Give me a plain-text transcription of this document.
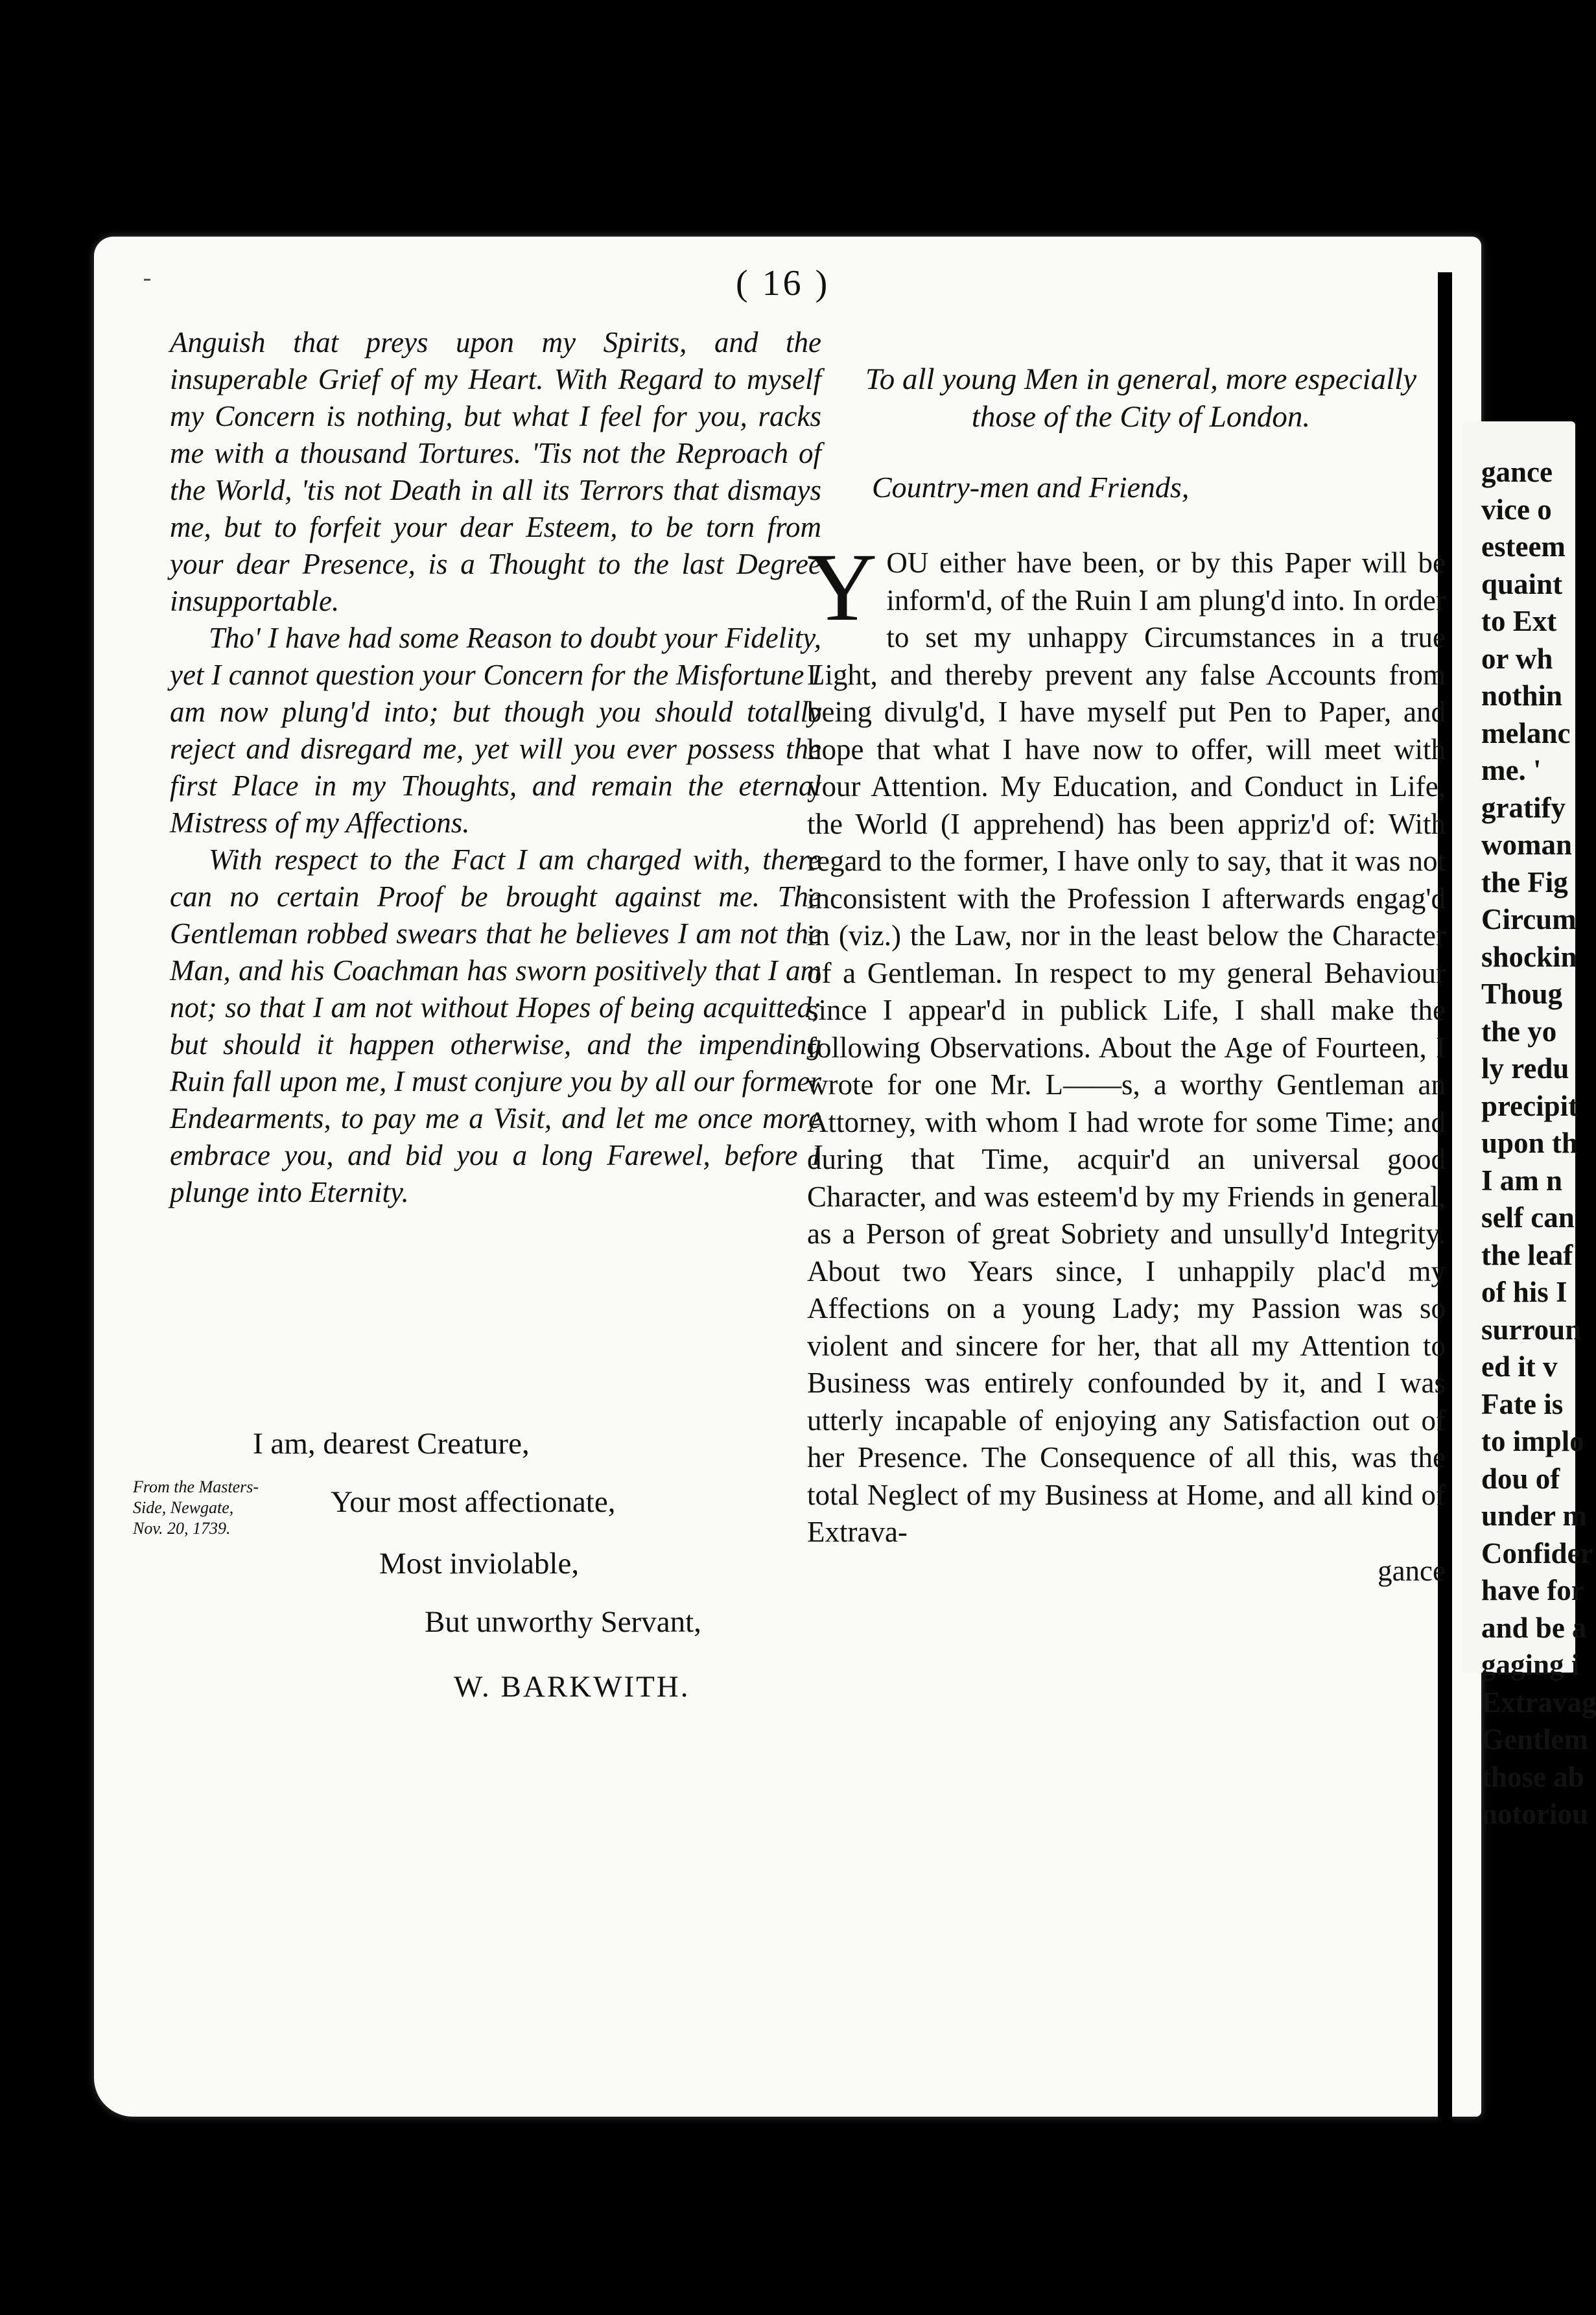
( 16 )

Anguish that preys upon my Spirits, and the insuperable Grief of my Heart. With Regard to myself my Concern is nothing, but what I feel for you, racks me with a thousand Tortures. 'Tis not the Reproach of the World, 'tis not Death in all its Terrors that dismays me, but to forfeit your dear Esteem, to be torn from your dear Presence, is a Thought to the last Degree insupportable.

Tho' I have had some Reason to doubt your Fidelity, yet I cannot question your Concern for the Misfortune I am now plung'd into; but though you should totally reject and disregard me, yet will you ever possess the first Place in my Thoughts, and remain the eternal Mistress of my Affections.

With respect to the Fact I am charged with, there can no certain Proof be brought against me. The Gentleman robbed swears that he believes I am not the Man, and his Coachman has sworn positively that I am not; so that I am not without Hopes of being acquitted; but should it happen otherwise, and the impending Ruin fall upon me, I must conjure you by all our former Endearments, to pay me a Visit, and let me once more embrace you, and bid you a long Farewel, before I plunge into Eternity.

I am, dearest Creature,
From the Masters-
Side, Newgate,
Nov. 20, 1739.
Your most affectionate,
Most inviolable,
But unworthy Servant,
W. BARKWITH.
To all young Men in general, more especially those of the City of London.
Country-men and Friends,
Y OU either have been, or by this Paper will be inform'd, of the Ruin I am plung'd into. In order to set my unhappy Circumstances in a true Light, and thereby prevent any false Accounts from being divulg'd, I have myself put Pen to Paper, and hope that what I have now to offer, will meet with your Attention. My Education, and Conduct in Life, the World (I apprehend) has been appriz'd of: With regard to the former, I have only to say, that it was not inconsistent with the Profession I afterwards engag'd in (viz.) the Law, nor in the least below the Character of a Gentleman. In respect to my general Behaviour since I appear'd in publick Life, I shall make the following Observations. About the Age of Fourteen, I wrote for one Mr. L——s, a worthy Gentleman an Attorney, with whom I had wrote for some Time; and during that Time, acquir'd an universal good Character, and was esteem'd by my Friends in general, as a Person of great Sobriety and unsully'd Integrity. About two Years since, I unhappily plac'd my Affections on a young Lady; my Passion was so violent and sincere for her, that all my Attention to Business was entirely confounded by it, and I was utterly incapable of enjoying any Satisfaction out of her Presence. The Consequence of all this, was the total Neglect of my Business at Home, and all kind of Extrava-
gance
gance
vice o
esteem
quaint
to Ext
or wh
nothin
melanc
me. '
gratify
woman
the Fig
Circum
shockin
Thoug
the yo
ly redu
precipit
upon th
I am n
self can
the leaf
of his I
surroun
ed it v
Fate is
to implo
dou of
under m
Confider
have for
and be a
gaging i
Extravag
Gentlem
those ab
notoriou
